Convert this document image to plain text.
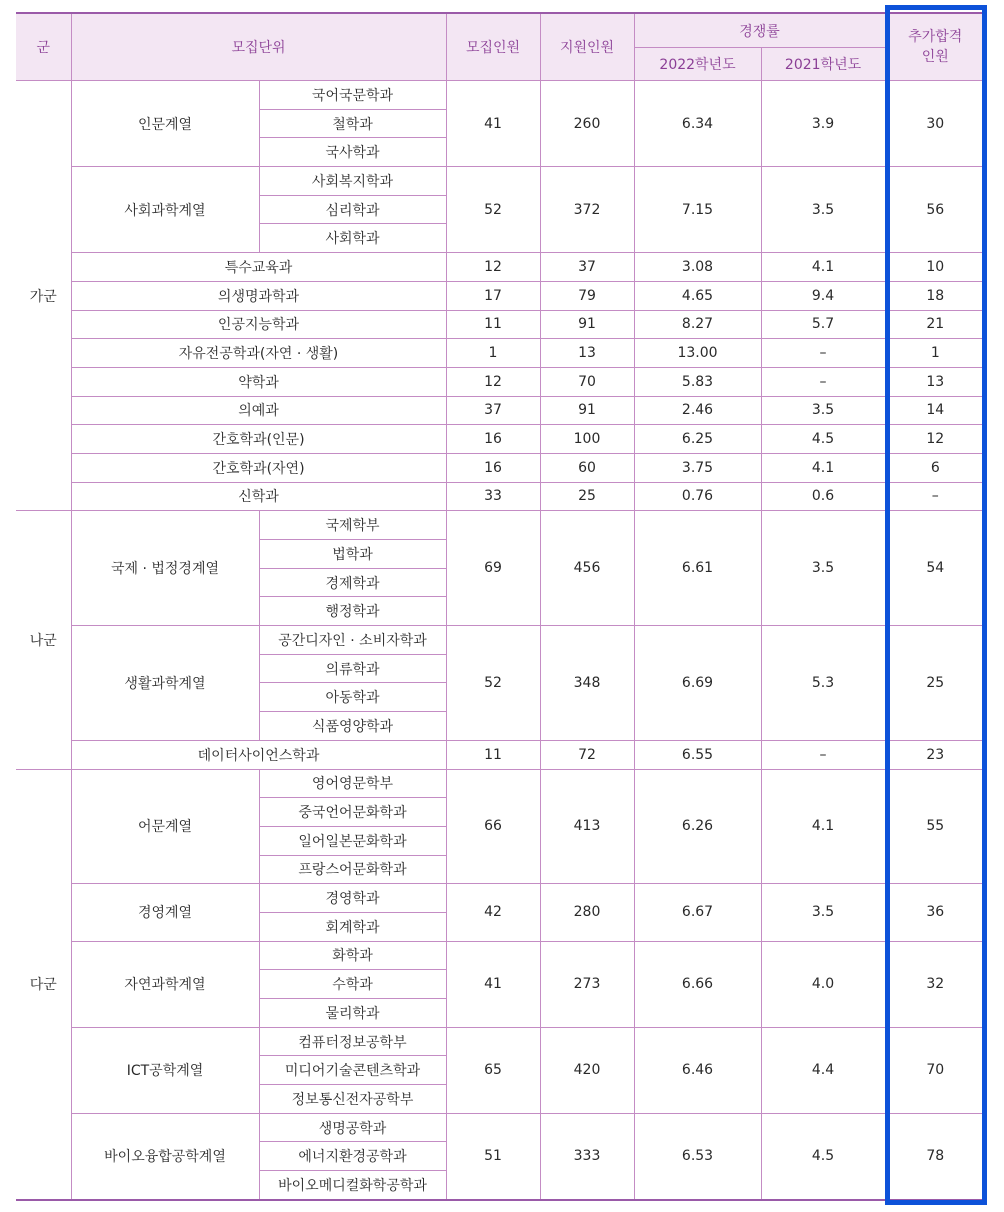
군	모집단위		모집인원	지원인원	경쟁률		추가합격
인원
					2022학년도	2021학년도	
가군	인문계열	국어국문학과	41	260	6.34	3.9	30
		철학과					
		국사학과					
	사회과학계열	사회복지학과	52	372	7.15	3.5	56
		심리학과					
		사회학과					
	특수교육과		12	37	3.08	4.1	10
	의생명과학과		17	79	4.65	9.4	18
	인공지능학과		11	91	8.27	5.7	21
	자유전공학과(자연 · 생활)		1	13	13.00	–	1
	약학과		12	70	5.83	–	13
	의예과		37	91	2.46	3.5	14
	간호학과(인문)		16	100	6.25	4.5	12
	간호학과(자연)		16	60	3.75	4.1	6
	신학과		33	25	0.76	0.6	–
나군	국제 · 법정경계열	국제학부	69	456	6.61	3.5	54
		법학과					
		경제학과					
		행정학과					
	생활과학계열	공간디자인 · 소비자학과	52	348	6.69	5.3	25
		의류학과					
		아동학과					
		식품영양학과					
	데이터사이언스학과		11	72	6.55	–	23
다군	어문계열	영어영문학부	66	413	6.26	4.1	55
		중국언어문화학과					
		일어일본문화학과					
		프랑스어문화학과					
	경영계열	경영학과	42	280	6.67	3.5	36
		회계학과					
	자연과학계열	화학과	41	273	6.66	4.0	32
		수학과					
		물리학과					
	ICT공학계열	컴퓨터정보공학부	65	420	6.46	4.4	70
		미디어기술콘텐츠학과					
		정보통신전자공학부					
	바이오융합공학계열	생명공학과	51	333	6.53	4.5	78
		에너지환경공학과					
		바이오메디컬화학공학과					
